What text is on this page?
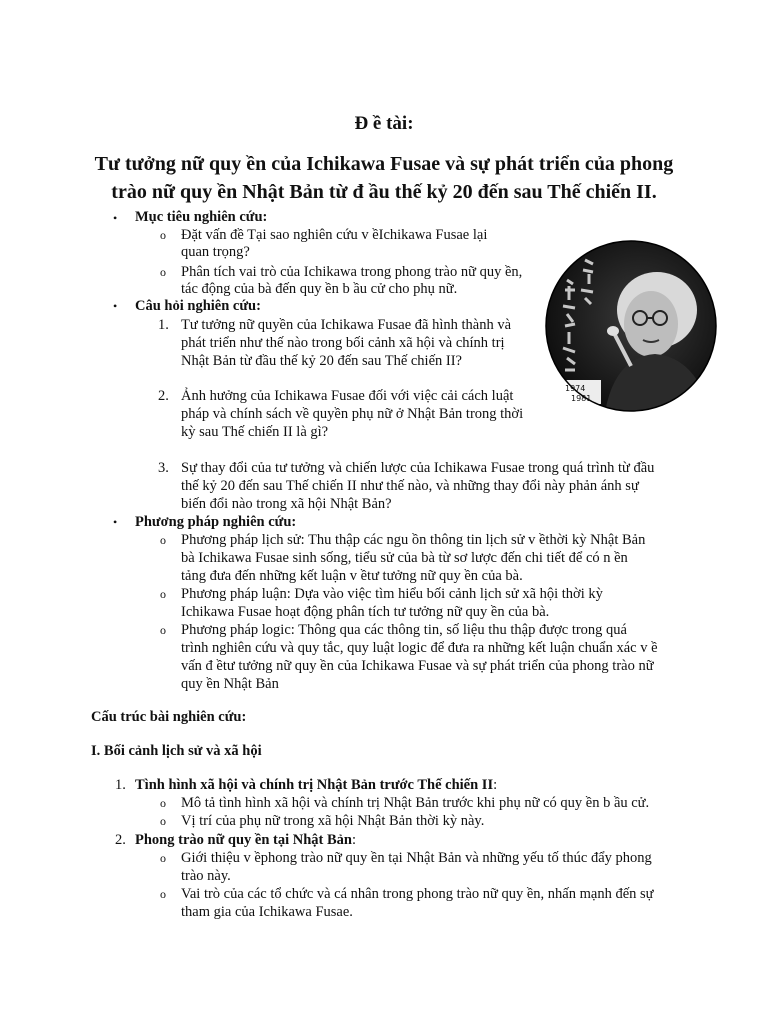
Đ ề tài:
Tư tưởng nữ quy ền của Ichikawa Fusae và sự phát triển của phong
trào nữ quy ền Nhật Bản từ đ ầu thế kỷ 20 đến sau Thế chiến II.
• Mục tiêu nghiên cứu:
o Đặt vấn đề Tại sao nghiên cứu v ềIchikawa Fusae lại
quan trọng?
o Phân tích vai trò của Ichikawa trong phong trào nữ quy ền,
tác động của bà đến quy ền b ầu cử cho phụ nữ.
• Câu hỏi nghiên cứu:
1. Tư tưởng nữ quyền của Ichikawa Fusae đã hình thành và
phát triển như thế nào trong bối cảnh xã hội và chính trị
Nhật Bản từ đầu thế kỷ 20 đến sau Thế chiến II?
2. Ảnh hưởng của Ichikawa Fusae đối với việc cải cách luật
pháp và chính sách về quyền phụ nữ ở Nhật Bản trong thời
kỳ sau Thế chiến II là gì?
3. Sự thay đổi của tư tưởng và chiến lược của Ichikawa Fusae trong quá trình từ đầu
thế kỷ 20 đến sau Thế chiến II như thế nào, và những thay đổi này phản ánh sự
biến đổi nào trong xã hội Nhật Bản?
• Phương pháp nghiên cứu:
o Phương pháp lịch sử: Thu thập các ngu ồn thông tin lịch sử v ềthời kỳ Nhật Bản
bà Ichikawa Fusae sinh sống, tiểu sử của bà từ sơ lược đến chi tiết để có n ền
tảng đưa đến những kết luận v ềtư tưởng nữ quy ền của bà.
o Phương pháp luận: Dựa vào việc tìm hiểu bối cảnh lịch sử xã hội thời kỳ
Ichikawa Fusae hoạt động phân tích tư tưởng nữ quy ền của bà.
o Phương pháp logic: Thông qua các thông tin, số liệu thu thập được trong quá
trình nghiên cứu và quy tắc, quy luật logic để đưa ra những kết luận chuẩn xác v ề
vấn đ ềtư tưởng nữ quy ền của Ichikawa Fusae và sự phát triển của phong trào nữ
quy ền Nhật Bản
Cấu trúc bài nghiên cứu:
I. Bối cảnh lịch sử và xã hội
1. Tình hình xã hội và chính trị Nhật Bản trước Thế chiến II:
o Mô tả tình hình xã hội và chính trị Nhật Bản trước khi phụ nữ có quy ền b ầu cử.
o Vị trí của phụ nữ trong xã hội Nhật Bản thời kỳ này.
2. Phong trào nữ quy ền tại Nhật Bản:
o Giới thiệu v ềphong trào nữ quy ền tại Nhật Bản và những yếu tố thúc đẩy phong
trào này.
o Vai trò của các tổ chức và cá nhân trong phong trào nữ quy ền, nhấn mạnh đến sự
tham gia của Ichikawa Fusae.
1974
1981
